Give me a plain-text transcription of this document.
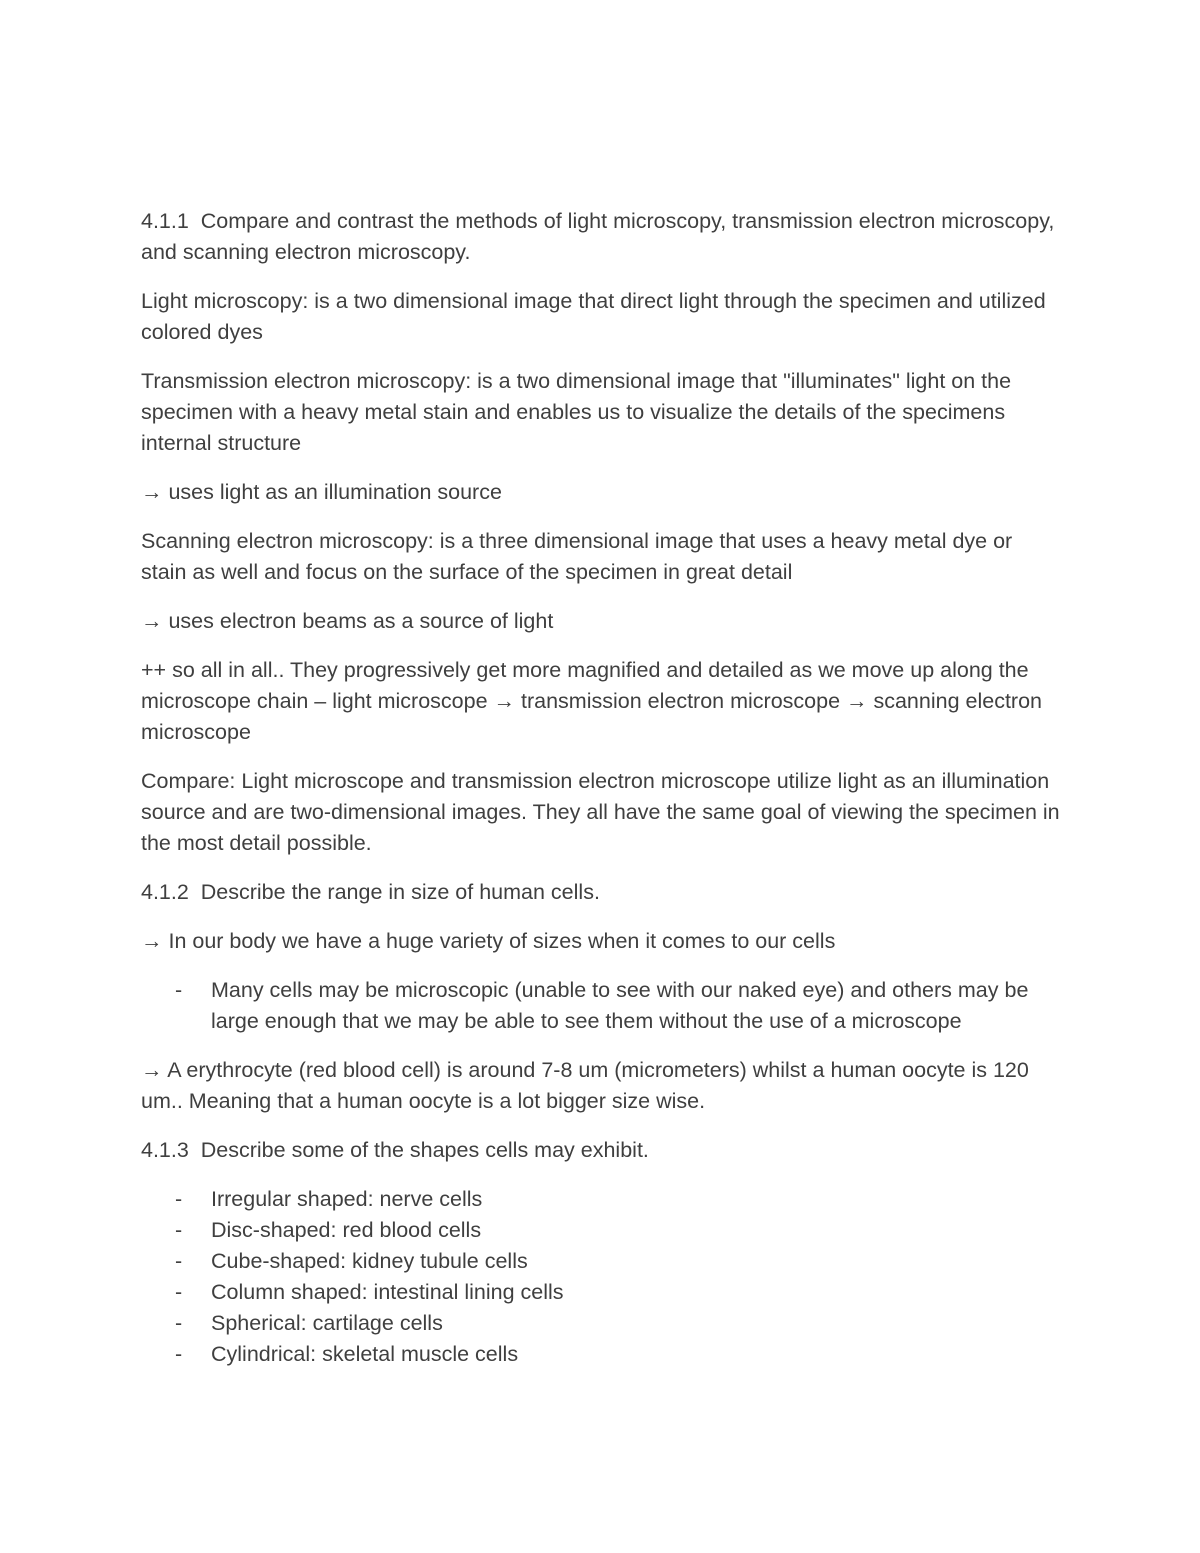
4.1.1  Compare and contrast the methods of light microscopy, transmission electron microscopy, and scanning electron microscopy.

Light microscopy: is a two dimensional image that direct light through the specimen and utilized colored dyes

Transmission electron microscopy: is a two dimensional image that "illuminates" light on the specimen with a heavy metal stain and enables us to visualize the details of the specimens internal structure

→ uses light as an illumination source

Scanning electron microscopy: is a three dimensional image that uses a heavy metal dye or stain as well and focus on the surface of the specimen in great detail

→ uses electron beams as a source of light

++ so all in all.. They progressively get more magnified and detailed as we move up along the microscope chain – light microscope → transmission electron microscope → scanning electron microscope

Compare: Light microscope and transmission electron microscope utilize light as an illumination source and are two-dimensional images. They all have the same goal of viewing the specimen in the most detail possible.

4.1.2  Describe the range in size of human cells.

→ In our body we have a huge variety of sizes when it comes to our cells

- Many cells may be microscopic (unable to see with our naked eye) and others may be large enough that we may be able to see them without the use of a microscope

→ A erythrocyte (red blood cell) is around 7-8 um (micrometers) whilst a human oocyte is 120 um.. Meaning that a human oocyte is a lot bigger size wise.

4.1.3  Describe some of the shapes cells may exhibit.

- Irregular shaped: nerve cells
- Disc-shaped: red blood cells
- Cube-shaped: kidney tubule cells
- Column shaped: intestinal lining cells
- Spherical: cartilage cells
- Cylindrical: skeletal muscle cells
